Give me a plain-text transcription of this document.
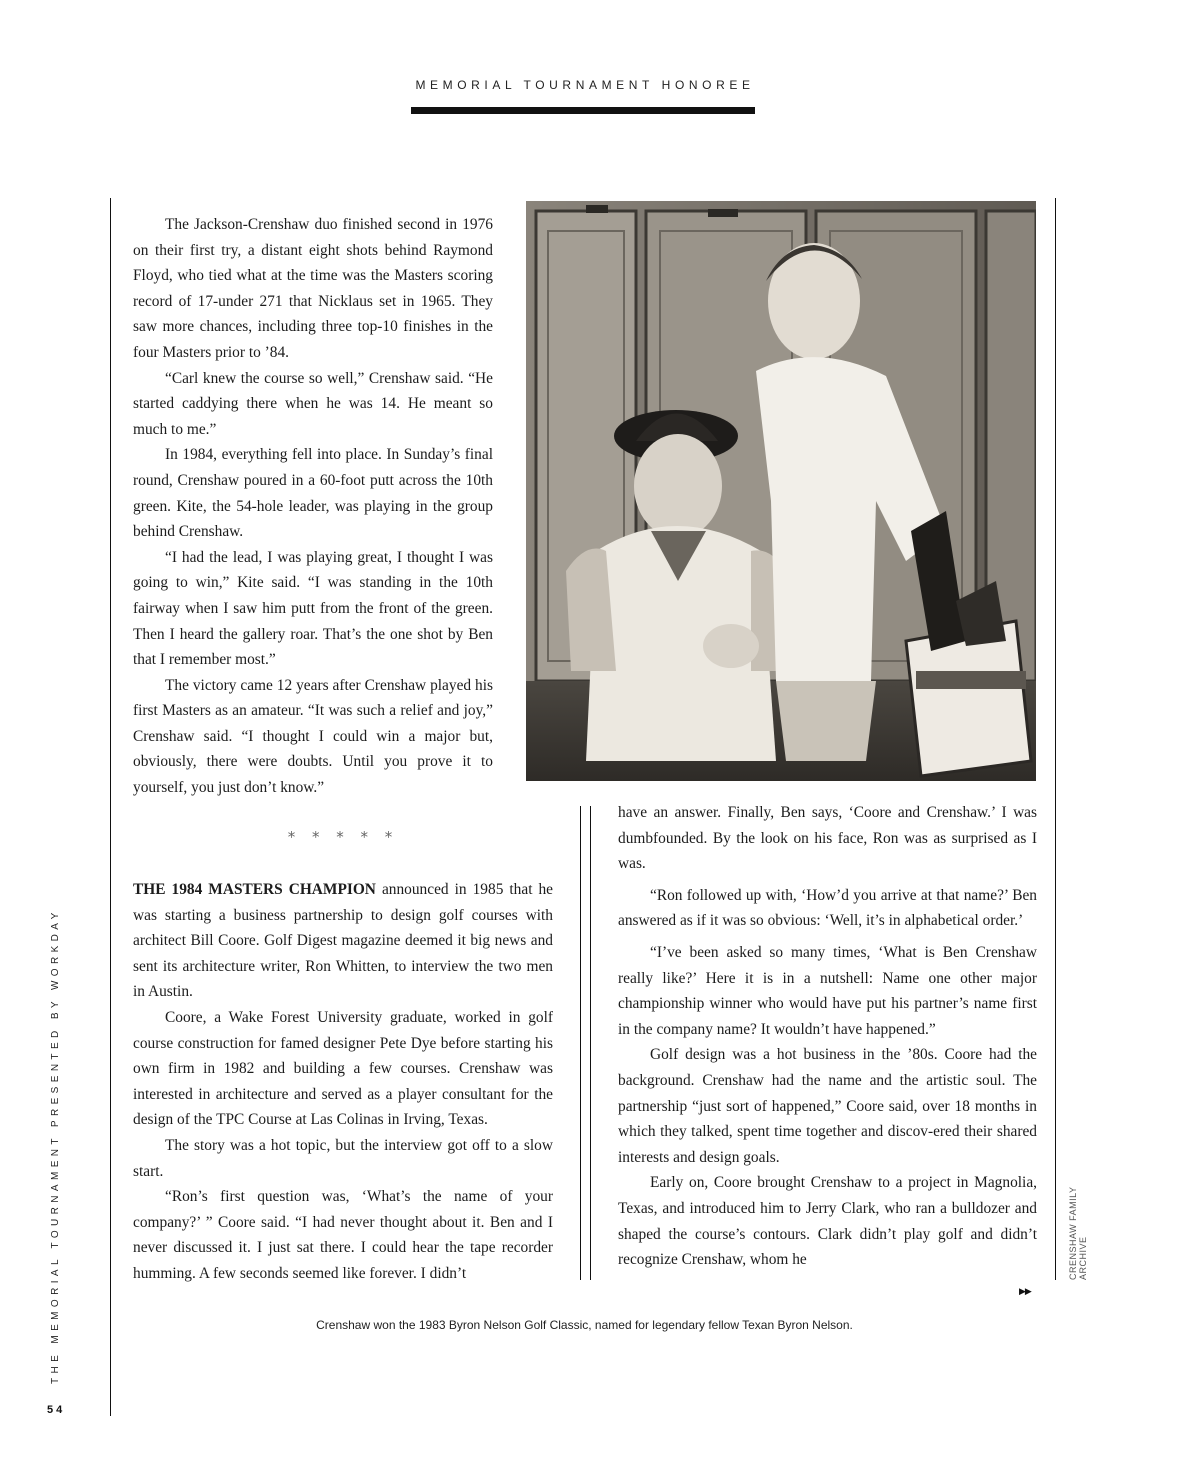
MEMORIAL TOURNAMENT HONOREE

The Jackson-Crenshaw duo finished second in 1976 on their first try, a distant eight shots behind Raymond Floyd, who tied what at the time was the Masters scoring record of 17-under 271 that Nicklaus set in 1965. They saw more chances, including three top-10 finishes in the four Masters prior to ’84.

“Carl knew the course so well,” Crenshaw said. “He started caddying there when he was 14. He meant so much to me.”

In 1984, everything fell into place. In Sunday’s final round, Crenshaw poured in a 60-foot putt across the 10th green. Kite, the 54-hole leader, was playing in the group behind Crenshaw.

“I had the lead, I was playing great, I thought I was going to win,” Kite said. “I was standing in the 10th fairway when I saw him putt from the front of the green. Then I heard the gallery roar. That’s the one shot by Ben that I remember most.”

The victory came 12 years after Crenshaw played his first Masters as an amateur. “It was such a relief and joy,” Crenshaw said. “I thought I could win a major but, obviously, there were doubts. Until you prove it to yourself, you just don’t know.”

* * * * *

THE 1984 MASTERS CHAMPION announced in 1985 that he was starting a business partnership to design golf courses with architect Bill Coore. Golf Digest magazine deemed it big news and sent its architecture writer, Ron Whitten, to interview the two men in Austin.

Coore, a Wake Forest University graduate, worked in golf course construction for famed designer Pete Dye before starting his own firm in 1982 and building a few courses. Crenshaw was interested in architecture and served as a player consultant for the design of the TPC Course at Las Colinas in Irving, Texas.

The story was a hot topic, but the interview got off to a slow start.

“Ron’s first question was, ‘What’s the name of your company?’ ” Coore said. “I had never thought about it. Ben and I never discussed it. I just sat there. I could hear the tape recorder humming. A few seconds seemed like forever. I didn’t

have an answer. Finally, Ben says, ‘Coore and Crenshaw.’ I was dumbfounded. By the look on his face, Ron was as surprised as I was.

“Ron followed up with, ‘How’d you arrive at that name?’ Ben answered as if it was so obvious: ‘Well, it’s in alphabetical order.’

“I’ve been asked so many times, ‘What is Ben Crenshaw really like?’ Here it is in a nutshell: Name one other major championship winner who would have put his partner’s name first in the company name? It wouldn’t have happened.”

Golf design was a hot business in the ’80s. Coore had the background. Crenshaw had the name and the artistic soul. The partnership “just sort of happened,” Coore said, over 18 months in which they talked, spent time together and discov-ered their shared interests and design goals.

Early on, Coore brought Crenshaw to a project in Magnolia, Texas, and introduced him to Jerry Clark, who ran a bulldozer and shaped the course’s contours. Clark didn’t play golf and didn’t recognize Crenshaw, whom he

▶▶
Crenshaw won the 1983 Byron Nelson Golf Classic, named for legendary fellow Texan Byron Nelson.
CRENSHAW FAMILY ARCHIVE
THE MEMORIAL TOURNAMENT PRESENTED BY WORKDAY
54
